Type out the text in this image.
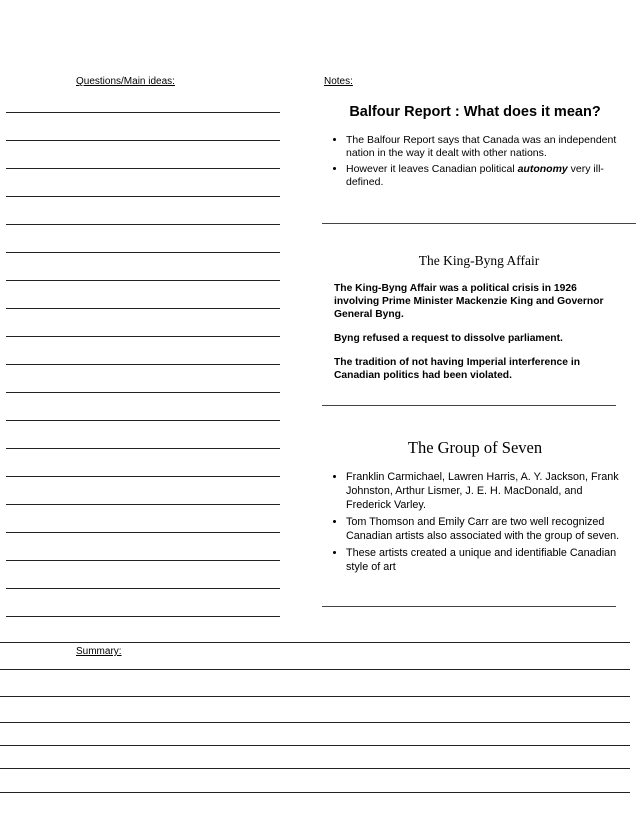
Questions/Main ideas:	Notes:
Balfour Report : What does it mean?
• The Balfour Report says that Canada was an independent nation in the way it dealt with other nations.
• However it leaves Canadian political autonomy very ill-defined.
The King-Byng Affair

The King-Byng Affair was a political crisis in 1926 involving Prime Minister Mackenzie King and Governor General Byng.

Byng refused a request to dissolve parliament.

The tradition of not having Imperial interference in Canadian politics had been violated.

The Group of Seven
• Franklin Carmichael, Lawren Harris, A. Y. Jackson, Frank Johnston, Arthur Lismer, J. E. H. MacDonald, and Frederick Varley.
• Tom Thomson and Emily Carr are two well recognized Canadian artists also associated with the group of seven.
• These artists created a unique and identifiable Canadian style of art
Summary:
